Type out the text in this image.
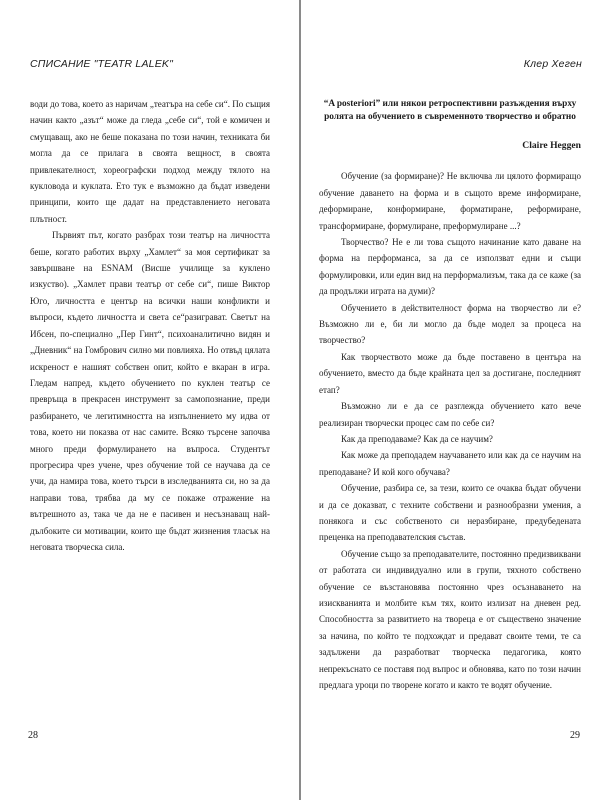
СПИСАНИЕ "TEATR LALEK"

води до това, което аз наричам „театъра на себе си“. По същия начин както „азът“ може да гледа „себе си“, той е комичен и смущаващ, ако не беше показана по този начин, техниката би могла да се прилага в своята вещност, в своята привлекателност, хореографски подход между тялото на кукловода и куклата. Ето тук е възможно да бъдат изведени принципи, които ще дадат на представлението неговата плътност.

Първият път, когато разбрах този театър на личността беше, когато работих върху „Хамлет“ за моя сертификат за завършване на ESNAM (Висше училище за куклено изкуство). „Хамлет прави театър от себе си“, пише Виктор Юго, личността е център на всички наши конфликти и въпроси, където личността и света се“разиграват. Светът на Ибсен, по-специално „Пер Гинт“, психоаналитично видян и „Дневник“ на Гомбрович силно ми повлияха. Но отвъд цялата искреност е нашият собствен опит, който е вкаран в игра. Гледам напред, където обучението по куклен театър се превръща в прекрасен инструмент за самопознание, преди разбирането, че легитимността на изпълнението му идва от това, което ни показва от нас самите. Всяко търсене започва много преди формулирането на въпроса. Студентът прогресира чрез учене, чрез обучение той се научава да се учи, да намира това, което търси в изследванията си, но за да направи това, трябва да му се покаже отражение на вътрешното аз, така че да не е пасивен и несъзнаващ най-дълбоките си мотивации, които ще бъдат жизнения тласък на неговата творческа сила.

28
Клер Хеген
“A posteriori” или някои ретроспективни разъждения върху ролята на обучението в съвременното творчество и обратно
Claire Heggen

Обучение (за формиране)? Не включва ли цялото формиращо обучение даването на форма и в същото време информиране, деформиране, конформиране, форматиране, реформиране, трансформиране, формулиране, преформулиране ...?

Творчество? Не е ли това същото начинание като даване на форма на перформанса, за да се използват едни и същи формулировки, или един вид на перформализъм, така да се каже (за да продължи играта на думи)?

Обучението в действителност форма на творчество ли е? Възможно ли е, би ли могло да бъде модел за процеса на творчество?

Как творчеството може да бъде поставено в центъра на обучението, вместо да бъде крайната цел за достигане, последният етап?

Възможно ли е да се разглежда обучението като вече реализиран творчески процес сам по себе си?

Как да преподаваме? Как да се научим?

Как може да преподадем научаването или как да се научим на преподаване? И кой кого обучава?

Обучение, разбира се, за тези, които се очаква бъдат обучени и да се доказват, с техните собствени и разнообразни умения, а понякога и със собственото си неразбиране, предубедената преценка на преподавателския състав.

Обучение също за преподавателите, постоянно предизвиквани от работата си индивидуално или в групи, тяхното собствено обучение се възстановява постоянно чрез осъзнаването на изискванията и молбите към тях, които излизат на дневен ред. Способността за развитието на твореца е от съществено значение за начина, по който те подхождат и предават своите теми, те са задължени да разработват творческа педагогика, която непрекъснато се поставя под въпрос и обновява, като по този начин предлага уроци по творене когато и както те водят обучение.

29
